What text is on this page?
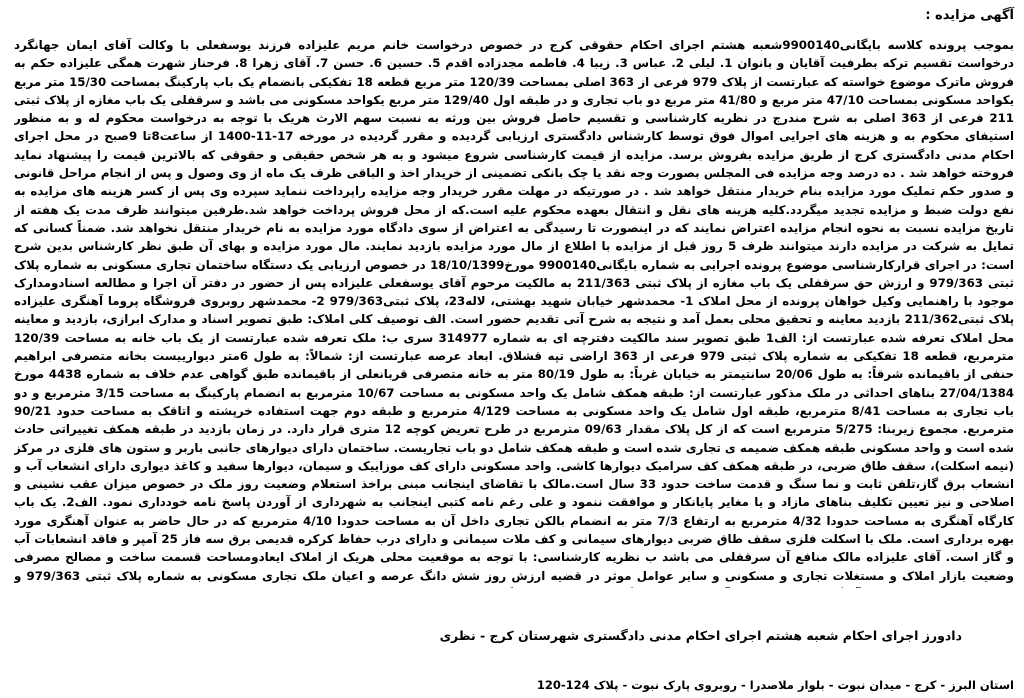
آگهی مزایده :
بموجب پرونده کلاسه بایگانی9900140شعبه هشتم اجرای احکام حقوقی کرج در خصوص درخواست خانم مریم علیزاده فرزند یوسفعلی با وکالت آقای ایمان جهانگرد درخواست تقسیم ترکه بطرفیت آقایان و بانوان 1. لیلی 2. عباس 3. زیبا 4. فاطمه مجدزاده اقدم 5. حسین 6. حسن 7. آقای زهرا 8. فرحناز شهرت همگی علیزاده حکم به فروش ماترک موضوع خواسته که عبارتست از پلاک 979 فرعی از 363 اصلی بمساحت 120/39 متر مربع قطعه 18 تفکیکی بانضمام یک باب پارکینگ بمساحت 15/30 متر مربع یکواحد مسکونی بمساحت 47/10 متر مربع و 41/80 متر مربع دو باب تجاری و در طبقه اول 129/40 متر مربع یکواحد مسکونی می باشد و سرقفلی یک باب مغازه از پلاک ثبتی 211 فرعی از 363 اصلی به شرح مندرج در نظریه کارشناسی و تقسیم حاصل فروش بین ورثه به نسبت سهم الارث هریک با توجه به درخواست محکوم له و به منظور استیفای محکوم به و هزینه های اجرایی اموال فوق توسط کارشناس دادگستری ارزیابی گردیده و مقرر گردیده در مورخه 17-11-1400 از ساعت8تا 9صبح در محل اجرای احکام مدنی دادگستری کرج از طریق مزایده بفروش برسد. مزایده از قیمت کارشناسی شروع میشود و به هر شخص حقیقی و حقوقی که بالاترین قیمت را پیشنهاد نماید فروخته خواهد شد . ده درصد وجه مزایده فی المجلس بصورت وجه نقد یا چک بانکی تضمینی از خریدار اخذ و الباقی ظرف یک ماه از وی وصول و پس از انجام مراحل قانونی و صدور حکم تملیک مورد مزایده بنام خریدار منتقل خواهد شد . در صورتیکه در مهلت مقرر خریدار وجه مزایده راپرداخت ننماید سپرده وی پس از کسر هزینه های مزایده به نفع دولت ضبط و مزایده تجدید میگردد.کلیه هزینه های نقل و انتقال بعهده محکوم علیه است.که از محل فروش پرداخت خواهد شد.طرفین میتوانند ظرف مدت یک هفته از تاریخ مزایده نسبت به نحوه انجام مزایده اعتراض نمایند که در اینصورت تا رسیدگی به اعتراض از سوی دادگاه مورد مزایده به نام خریدار منتقل نخواهد شد. ضمناً کسانی که تمایل به شرکت در مزایده دارند میتوانند ظرف 5 روز قبل از مزایده با اطلاع از مال مورد مزایده بازدید نمایند. مال مورد مزایده و بهای آن طبق نظر کارشناس بدین شرح است: در اجرای قرارکارشناسی موضوع پرونده اجرایی به شماره بایگانی9900140 مورخ18/10/1399 در خصوص ارزیابی یک دستگاه ساختمان تجاری مسکونی به شماره پلاک ثبتی 979/363 و ارزش حق سرقفلی یک باب مغازه از پلاک ثبتی 211/363 به مالکیت مرحوم آقای یوسفعلی علیزاده پس از حضور در دفتر آن اجرا و مطالعه اسنادومدارک موجود با راهنمایی وکیل خواهان پرونده از محل املاک 1- محمدشهر خیابان شهید بهشتی، لاله23، پلاک ثبتی979/363 2- محمدشهر روبروی فروشگاه پروما آهنگری علیزاده پلاک ثبتی211/362 بازدید معاینه و تحقیق محلی بعمل آمد و نتیجه به شرح آتی تقدیم حضور است. الف توصیف کلی املاک: طبق تصویر اسناد و مدارک ابرازی، بازدید و معاینه محل املاک تعرفه شده عبارتست از: الف1 طبق تصویر سند مالکیت دفترچه ای به شماره 314977 سری ب: ملک تعرفه شده عبارتست از یک باب خانه به مساحت 120/39 مترمربع، قطعه 18 تفکیکی به شماره پلاک ثبتی 979 فرعی از 363 اراضی تپه قشلاق. ابعاد عرصه عبارتست از: شمالاً: به طول 6متر دیوارییست بخانه متصرفی ابراهیم حنفی از باقیمانده شرقاً: به طول 20/06 سانتیمتر به خیابان غرباً: به طول 80/19 متر به خانه متصرفی قربانعلی از باقیمانده طبق گواهی عدم خلاف به شماره 4438 مورخ 27/04/1384 بناهای احداثی در ملک مذکور عبارتست از: طبقه همکف شامل یک واحد مسکونی به مساحت 10/67 مترمربع به انضمام پارکینگ به مساحت 3/15 مترمربع و دو باب تجاری به مساحت 8/41 مترمربع، طبقه اول شامل یک واحد مسکونی به مساحت 4/129 مترمربع و طبقه دوم جهت استفاده خرپشته و اتاقک به مساحت حدود 90/21 مترمربع. مجموع زیربنا: 5/275 مترمربع است که از کل پلاک مقدار 09/63 مترمربع در طرح تعریض کوچه 12 متری قرار دارد. در زمان بازدید در طبقه همکف تغییراتی حادث شده است و واحد مسکونی طبقه همکف ضمیمه ی تجاری شده است و طبقه همکف شامل دو باب تجاریست. ساختمان دارای دیوارهای جانبی باربر و ستون های فلزی در مرکز (نیمه اسکلت)، سقف طاق ضربی، در طبقه همکف کف سرامیک دیوارها کاشی. واحد مسکونی دارای کف موزاییک و سیمان، دیوارها سفید و کاغذ دیواری دارای انشعاب آب و انشعاب برق گاز،تلفن ثابت و نما سنگ و قدمت ساخت حدود 33 سال است.مالک با تقاضای اینجانب مبنی براخذ استعلام وضعیت روز ملک در خصوص میزان عقب نشینی و اصلاحی و نیز تعیین تکلیف بناهای مازاد و یا مغایر پایانکار و موافقت ننمود و علی رغم نامه کتبی اینجانب به شهرداری از آوردن پاسخ نامه خودداری نمود. الف2. یک باب کارگاه آهنگری به مساحت حدودا 4/32 مترمربع به ارتفاع 7/3 متر به انضمام بالکن تجاری داخل آن به مساحت حدودا 4/10 مترمربع که در حال حاضر به عنوان آهنگری مورد بهره برداری است. ملک با اسکلت فلزی سقف طاق ضربی دیوارهای سیمانی و کف ملات سیمانی و دارای درب حفاظ کرکره قدیمی برق سه فاز 25 آمپر و فاقد انشعابات آب و گاز است. آقای علیزاده مالک منافع آن سرقفلی می باشد ب نظریه کارشناسی: با توجه به موقعیت محلی هریک از املاک ایعادومساحت قسمت ساخت و مصالح مصرفی وضعیت بازار املاک و مستغلات تجاری و مسکونی و سایر عوامل موثر در قضیه ارزش روز شش دانگ عرصه و اعیان ملک تجاری مسکونی به شماره پلاک ثبتی 979/363 و
دادورز اجرای احکام شعبه هشتم اجرای احکام مدنی دادگستری شهرستان کرج - نظری
استان البرز - کرج - میدان نبوت - بلوار ملاصدرا - روبروی پارک نبوت - پلاک 124-120
